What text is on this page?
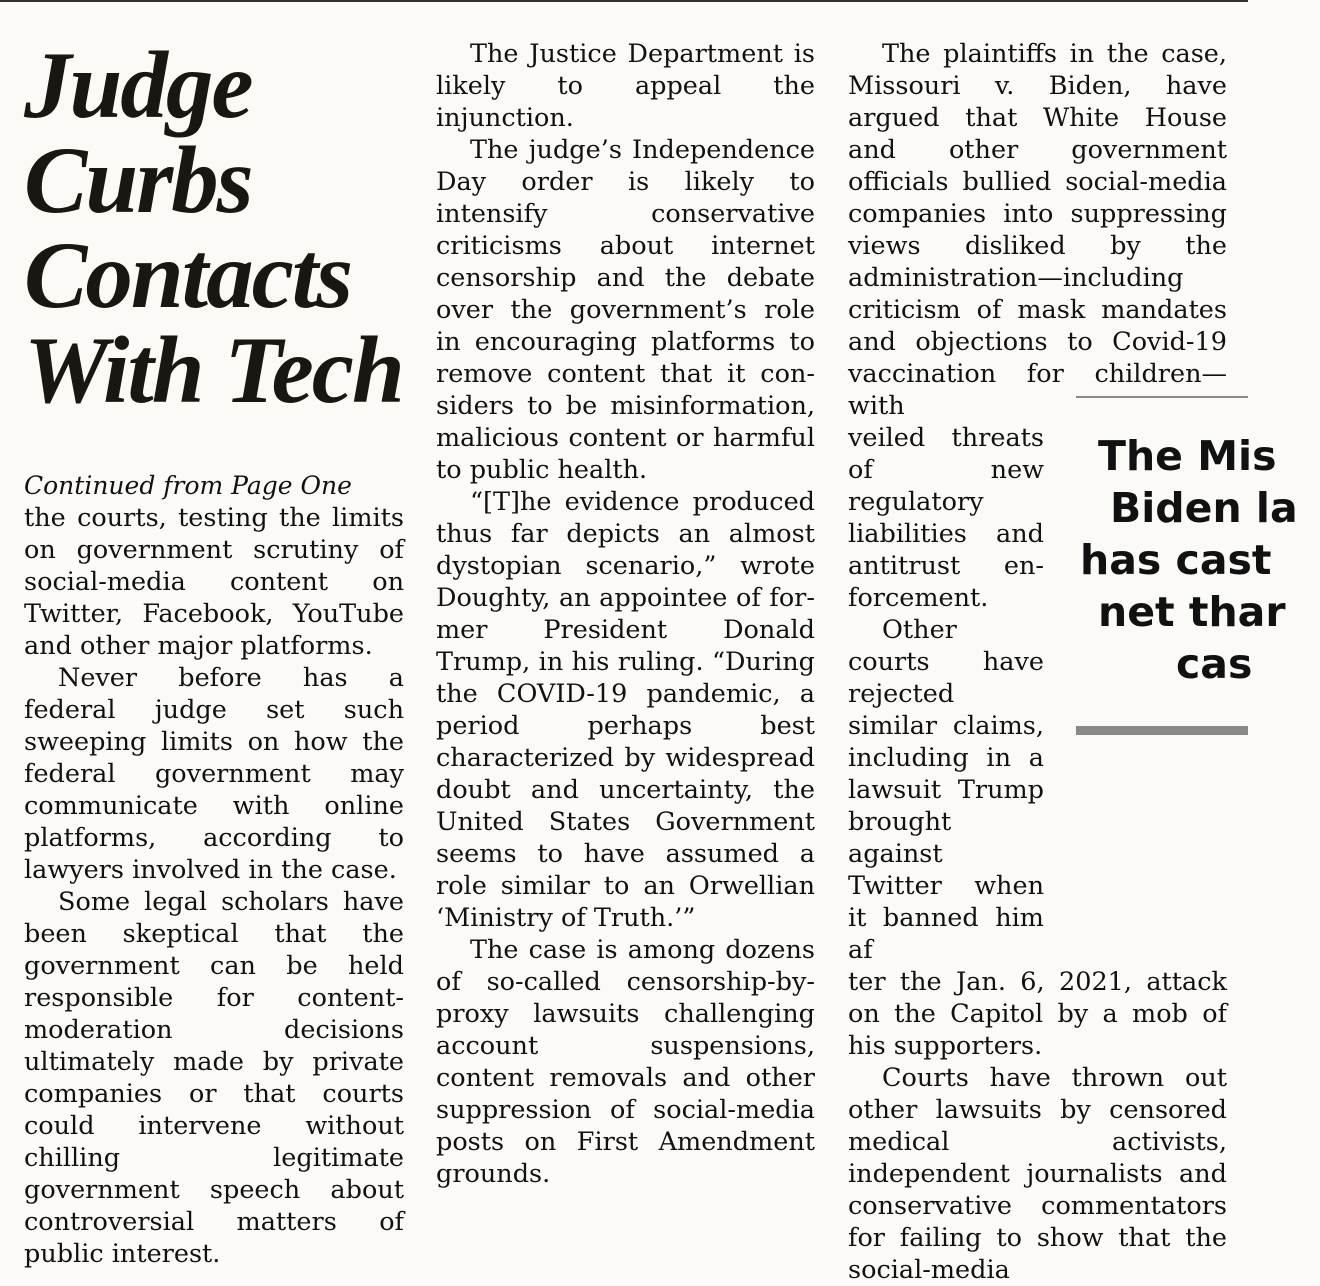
Judge Curbs
Contacts
With Tech

Continued from Page One

the courts, testing the limits on government scrutiny of social-media content on Twitter, Facebook, YouTube and other major platforms.

Never before has a federal judge set such sweeping limits on how the federal government may communicate with online platforms, according to lawyers involved in the case.

Some legal scholars have been skeptical that the government can be held responsible for content-moderation decisions ultimately made by private companies or that courts could intervene without chilling legitimate government speech about controversial matters of public interest.

The Justice Department is likely to appeal the injunction.

The judge’s Independence Day order is likely to intensify conservative criticisms about internet censorship and the debate over the government’s role in encouraging platforms to remove content that it considers to be misinformation, malicious content or harmful to public health.

“[T]he evidence produced thus far depicts an almost dystopian scenario,” wrote Doughty, an appointee of former President Donald Trump, in his ruling. “During the COVID-19 pandemic, a period perhaps best characterized by widespread doubt and uncertainty, the United States Government seems to have assumed a role similar to an Orwellian ‘Ministry of Truth.’”

The case is among dozens of so-called censorship-by-proxy lawsuits challenging account suspensions, content removals and other suppression of social-media posts on First Amendment grounds.

The plaintiffs in the case, Missouri v. Biden, have argued that White House and other government officials bullied social-media companies into suppressing views disliked by the administration—including criticism of mask mandates and objections to Covid-19 vaccination for children—with

veiled threats of new regulatory liabilities and antitrust enforcement.

Other courts have rejected similar claims, including in a lawsuit Trump brought against Twitter when it banned him af

ter the Jan. 6, 2021, attack on the Capitol by a mob of his supporters.

Courts have thrown out other lawsuits by censored medical activists, independent journalists and conservative commentators for failing to show that the social-media

The Mis
Biden la
has cast
net thar
cas
